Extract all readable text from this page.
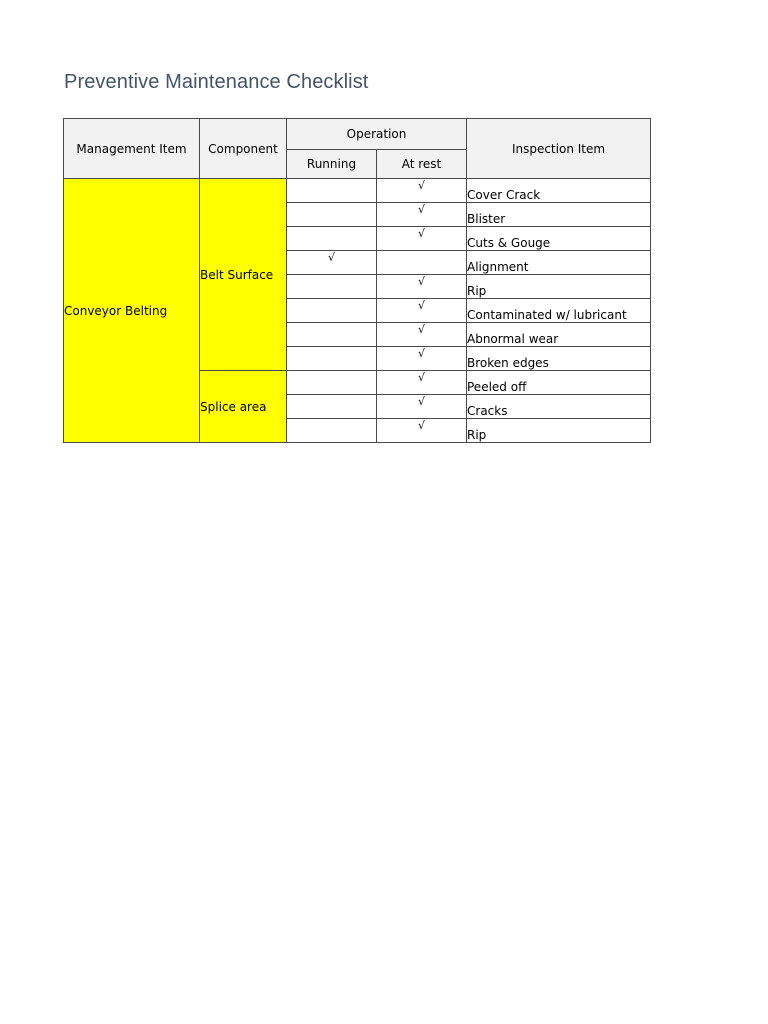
Preventive Maintenance Checklist
Management Item	Component	Operation		Inspection Item
		Running	At rest	
Conveyor Belting	Belt Surface		√	Cover Crack
			√	Blister
			√	Cuts & Gouge
		√		Alignment
			√	Rip
			√	Contaminated w/ lubricant
			√	Abnormal wear
			√	Broken edges
	Splice area		√	Peeled off
			√	Cracks
			√	Rip
